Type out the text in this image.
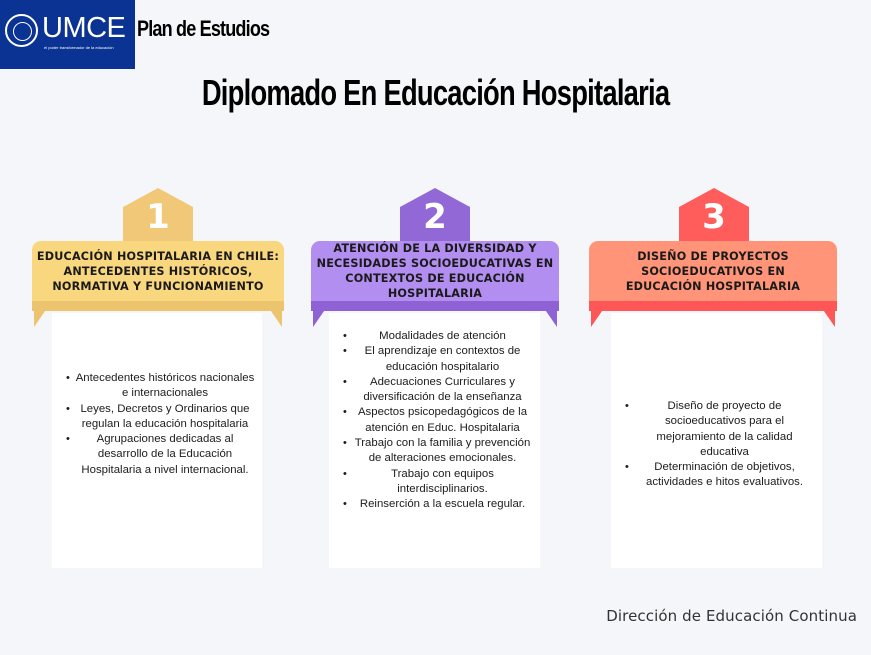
UMCE
el poder transformador de la educación
Plan de Estudios
Diplomado En Educación Hospitalaria
1
EDUCACIÓN HOSPITALARIA EN CHILE: ANTECEDENTES HISTÓRICOS, NORMATIVA Y FUNCIONAMIENTO
• Antecedentes históricos nacionales e internacionales
• Leyes, Decretos y Ordinarios que regulan la educación hospitalaria
• Agrupaciones dedicadas al desarrollo de la Educación Hospitalaria a nivel internacional.
2
ATENCIÓN DE LA DIVERSIDAD Y NECESIDADES SOCIOEDUCATIVAS EN CONTEXTOS DE EDUCACIÓN HOSPITALARIA
• Modalidades de atención
• El aprendizaje en contextos de educación hospitalario
• Adecuaciones Curriculares y diversificación de la enseñanza
• Aspectos psicopedagógicos de la atención en Educ. Hospitalaria
• Trabajo con la familia y prevención de alteraciones emocionales.
• Trabajo con equipos interdisciplinarios.
• Reinserción a la escuela regular.
3
DISEÑO DE PROYECTOS SOCIOEDUCATIVOS EN EDUCACIÓN HOSPITALARIA
• Diseño de proyecto de socioeducativos para el mejoramiento de la calidad educativa
• Determinación de objetivos, actividades e hitos evaluativos.
Dirección de Educación Continua
